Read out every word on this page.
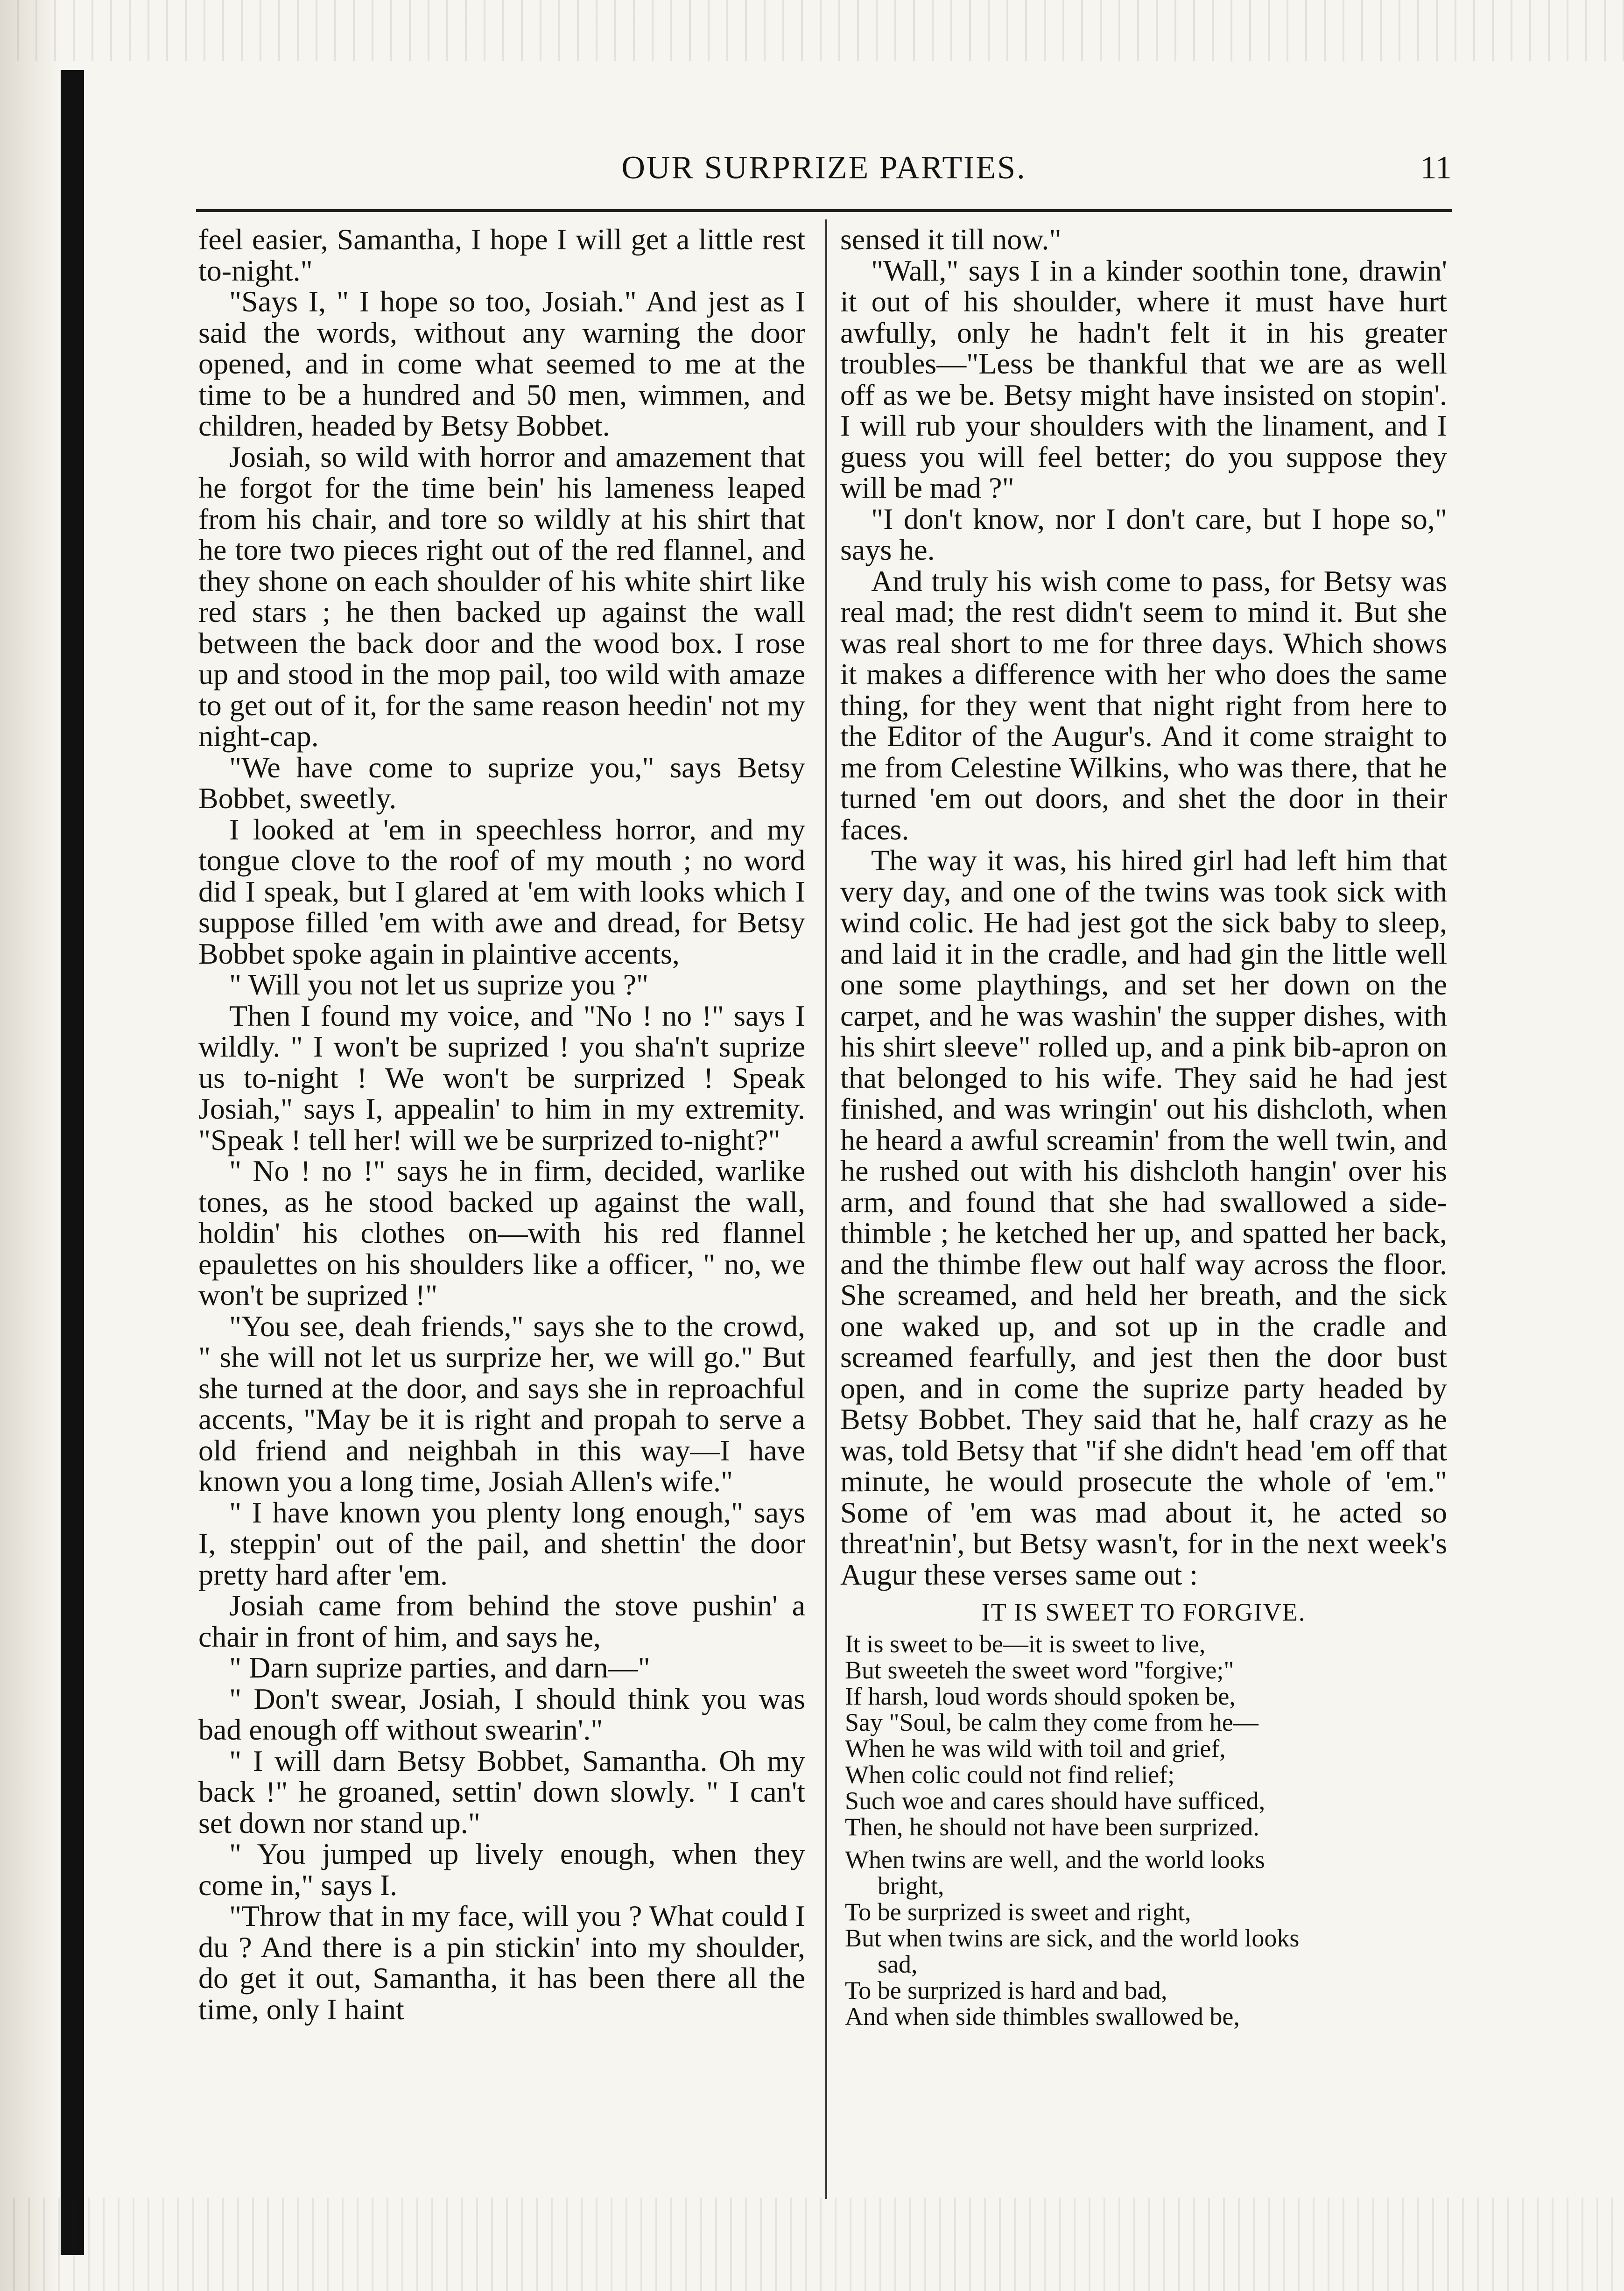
OUR SURPRIZE PARTIES.	11

feel easier, Samantha, I hope I will get a little rest to-night."

"Says I, " I hope so too, Josiah." And jest as I said the words, without any warning the door opened, and in come what seemed to me at the time to be a hundred and 50 men, wimmen, and children, headed by Betsy Bobbet.

Josiah, so wild with horror and amazement that he forgot for the time bein' his lameness leaped from his chair, and tore so wildly at his shirt that he tore two pieces right out of the red flannel, and they shone on each shoulder of his white shirt like red stars ; he then backed up against the wall between the back door and the wood box. I rose up and stood in the mop pail, too wild with amaze to get out of it, for the same reason heedin' not my night-cap.

"We have come to suprize you," says Betsy Bobbet, sweetly.

I looked at 'em in speechless horror, and my tongue clove to the roof of my mouth ; no word did I speak, but I glared at 'em with looks which I suppose filled 'em with awe and dread, for Betsy Bobbet spoke again in plaintive accents,

" Will you not let us suprize you ?"

Then I found my voice, and "No ! no !" says I wildly. " I won't be suprized ! you sha'n't suprize us to-night ! We won't be surprized ! Speak Josiah," says I, appealin' to him in my extremity. "Speak ! tell her! will we be surprized to-night?"

" No ! no !" says he in firm, decided, warlike tones, as he stood backed up against the wall, holdin' his clothes on—with his red flannel epaulettes on his shoulders like a officer, " no, we won't be suprized !"

"You see, deah friends," says she to the crowd, " she will not let us surprize her, we will go." But she turned at the door, and says she in reproachful accents, "May be it is right and propah to serve a old friend and neighbah in this way—I have known you a long time, Josiah Allen's wife."

" I have known you plenty long enough," says I, steppin' out of the pail, and shettin' the door pretty hard after 'em.

Josiah came from behind the stove pushin' a chair in front of him, and says he,

" Darn suprize parties, and darn—"

" Don't swear, Josiah, I should think you was bad enough off without swearin'."

" I will darn Betsy Bobbet, Samantha. Oh my back !" he groaned, settin' down slowly. " I can't set down nor stand up."

" You jumped up lively enough, when they come in," says I.

"Throw that in my face, will you ? What could I du ? And there is a pin stickin' into my shoulder, do get it out, Samantha, it has been there all the time, only I haint

sensed it till now."

"Wall," says I in a kinder soothin tone, drawin' it out of his shoulder, where it must have hurt awfully, only he hadn't felt it in his greater troubles—"Less be thankful that we are as well off as we be. Betsy might have insisted on stopin'. I will rub your shoulders with the linament, and I guess you will feel better; do you suppose they will be mad ?"

"I don't know, nor I don't care, but I hope so," says he.

And truly his wish come to pass, for Betsy was real mad; the rest didn't seem to mind it. But she was real short to me for three days. Which shows it makes a difference with her who does the same thing, for they went that night right from here to the Editor of the Augur's. And it come straight to me from Celestine Wilkins, who was there, that he turned 'em out doors, and shet the door in their faces.

The way it was, his hired girl had left him that very day, and one of the twins was took sick with wind colic. He had jest got the sick baby to sleep, and laid it in the cradle, and had gin the little well one some playthings, and set her down on the carpet, and he was washin' the supper dishes, with his shirt sleeve" rolled up, and a pink bib-apron on that belonged to his wife. They said he had jest finished, and was wringin' out his dishcloth, when he heard a awful screamin' from the well twin, and he rushed out with his dishcloth hangin' over his arm, and found that she had swallowed a side-thimble ; he ketched her up, and spatted her back, and the thimbe flew out half way across the floor. She screamed, and held her breath, and the sick one waked up, and sot up in the cradle and screamed fearfully, and jest then the door bust open, and in come the suprize party headed by Betsy Bobbet. They said that he, half crazy as he was, told Betsy that "if she didn't head 'em off that minute, he would prosecute the whole of 'em." Some of 'em was mad about it, he acted so threat'nin', but Betsy wasn't, for in the next week's Augur these verses same out :

IT IS SWEET TO FORGIVE.
It is sweet to be—it is sweet to live,
But sweeteh the sweet word "forgive;"
If harsh, loud words should spoken be,
Say "Soul, be calm they come from he—
When he was wild with toil and grief,
When colic could not find relief;
Such woe and cares should have sufficed,
Then, he should not have been surprized.
When twins are well, and the world looks
bright,
To be surprized is sweet and right,
But when twins are sick, and the world looks
sad,
To be surprized is hard and bad,
And when side thimbles swallowed be,
